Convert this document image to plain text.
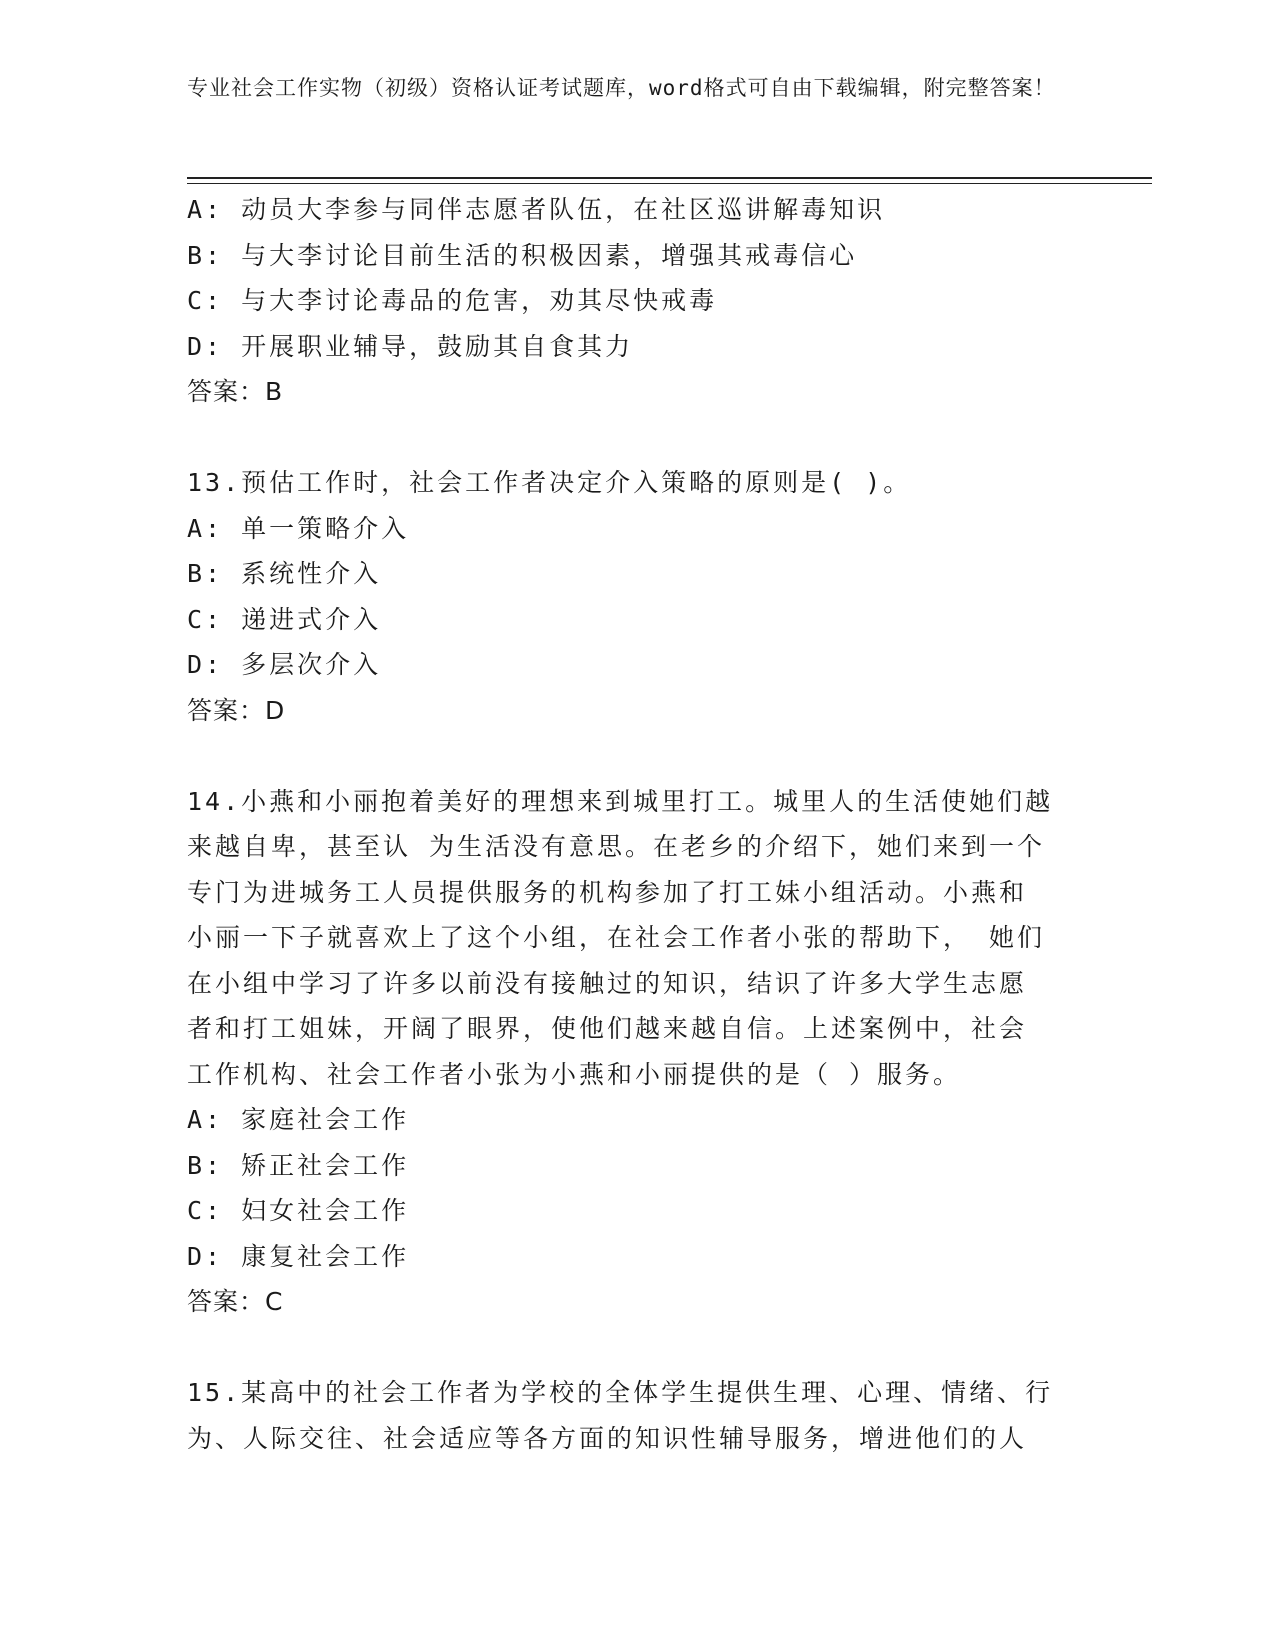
专业社会工作实物（初级）资格认证考试题库，word格式可自由下载编辑，附完整答案！
A: 动员大李参与同伴志愿者队伍，在社区巡讲解毒知识
B: 与大李讨论目前生活的积极因素，增强其戒毒信心
C: 与大李讨论毒品的危害，劝其尽快戒毒
D: 开展职业辅导，鼓励其自食其力
答案：B
13.预估工作时，社会工作者决定介入策略的原则是( )。
A: 单一策略介入
B: 系统性介入
C: 递进式介入
D: 多层次介入
答案：D
14.小燕和小丽抱着美好的理想来到城里打工。城里人的生活使她们越
来越自卑，甚至认 为生活没有意思。在老乡的介绍下，她们来到一个
专门为进城务工人员提供服务的机构参加了打工妹小组活动。小燕和
小丽一下子就喜欢上了这个小组，在社会工作者小张的帮助下， 她们
在小组中学习了许多以前没有接触过的知识，结识了许多大学生志愿
者和打工姐妹，开阔了眼界，使他们越来越自信。上述案例中，社会
工作机构、社会工作者小张为小燕和小丽提供的是（ ）服务。
A: 家庭社会工作
B: 矫正社会工作
C: 妇女社会工作
D: 康复社会工作
答案：C
15.某高中的社会工作者为学校的全体学生提供生理、心理、情绪、行
为、人际交往、社会适应等各方面的知识性辅导服务，增进他们的人
